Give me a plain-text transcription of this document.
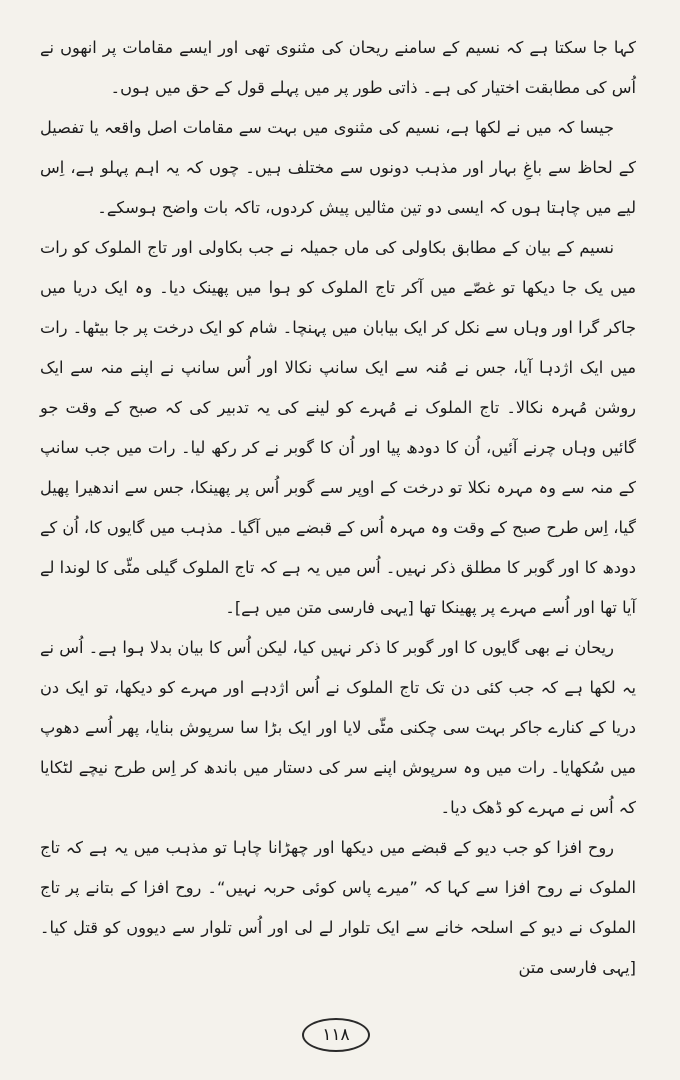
کہا جا سکتا ہے کہ نسیم کے سامنے ریحان کی مثنوی تھی اور ایسے مقامات پر انھوں نے اُس کی مطابقت اختیار کی ہے۔ ذاتی طور پر میں پہلے قول کے حق میں ہوں۔

جیسا کہ میں نے لکھا ہے، نسیم کی مثنوی میں بہت سے مقامات اصل واقعہ یا تفصیل کے لحاظ سے باغِ بہار اور مذہب دونوں سے مختلف ہیں۔ چوں کہ یہ اہم پہلو ہے، اِس لیے میں چاہتا ہوں کہ ایسی دو تین مثالیں پیش کردوں، تاکہ بات واضح ہوسکے۔

نسیم کے بیان کے مطابق بکاولی کی ماں جمیلہ نے جب بکاولی اور تاج الملوک کو رات میں یک جا دیکھا تو غصّے میں آکر تاج الملوک کو ہوا میں پھینک دیا۔ وہ ایک دریا میں جاکر گرا اور وہاں سے نکل کر ایک بیابان میں پہنچا۔ شام کو ایک درخت پر جا بیٹھا۔ رات میں ایک اژدہا آیا، جس نے مُنہ سے ایک سانپ نکالا اور اُس سانپ نے اپنے منہ سے ایک روشن مُہرہ نکالا۔ تاج الملوک نے مُہرے کو لینے کی یہ تدبیر کی کہ صبح کے وقت جو گائیں وہاں چرنے آئیں، اُن کا دودھ پیا اور اُن کا گوبر نے کر رکھ لیا۔ رات میں جب سانپ کے منہ سے وہ مہرہ نکلا تو درخت کے اوپر سے گوبر اُس پر پھینکا، جس سے اندھیرا پھیل گیا، اِس طرح صبح کے وقت وہ مہرہ اُس کے قبضے میں آگیا۔ مذہب میں گایوں کا، اُن کے دودھ کا اور گوبر کا مطلق ذکر نہیں۔ اُس میں یہ ہے کہ تاج الملوک گیلی مٹّی کا لوندا لے آیا تھا اور اُسے مہرے پر پھینکا تھا [یہی فارسی متن میں ہے]۔

ریحان نے بھی گایوں کا اور گوبر کا ذکر نہیں کیا، لیکن اُس کا بیان بدلا ہوا ہے۔ اُس نے یہ لکھا ہے کہ جب کئی دن تک تاج الملوک نے اُس اژدہے اور مہرے کو دیکھا، تو ایک دن دریا کے کنارے جاکر بہت سی چکنی مٹّی لایا اور ایک بڑا سا سرپوش بنایا، پھر اُسے دھوپ میں سُکھایا۔ رات میں وہ سرپوش اپنے سر کی دستار میں باندھ کر اِس طرح نیچے لٹکایا کہ اُس نے مہرے کو ڈھک دیا۔

روح افزا کو جب دیو کے قبضے میں دیکھا اور چھڑانا چاہا تو مذہب میں یہ ہے کہ تاج الملوک نے روح افزا سے کہا کہ ”میرے پاس کوئی حربہ نہیں“۔ روح افزا کے بتانے پر تاج الملوک نے دیو کے اسلحہ خانے سے ایک تلوار لے لی اور اُس تلوار سے دیووں کو قتل کیا۔ [یہی فارسی متن

۱۱۸
